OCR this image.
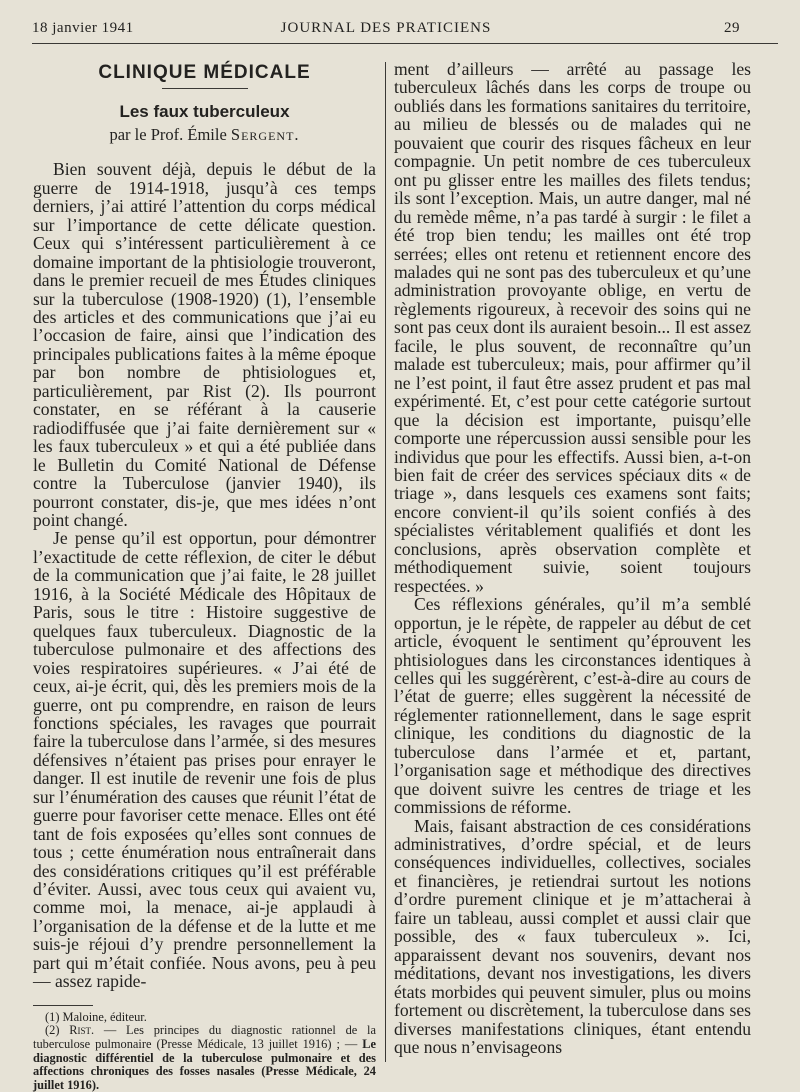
18 janvier 1941	JOURNAL DES PRATICIENS	29
CLINIQUE MÉDICALE
Les faux tuberculeux
par le Prof. Émile Sergent.

Bien souvent déjà, depuis le début de la guerre de 1914-1918, jusqu’à ces temps derniers, j’ai attiré l’attention du corps médical sur l’importance de cette délicate question. Ceux qui s’intéressent particulièrement à ce domaine important de la phtisiologie trouveront, dans le premier recueil de mes Études cliniques sur la tuberculose (1908-1920) (1), l’ensemble des articles et des communications que j’ai eu l’occasion de faire, ainsi que l’indication des principales publications faites à la même époque par bon nombre de phtisiologues et, particulièrement, par Rist (2). Ils pourront constater, en se référant à la causerie radiodiffusée que j’ai faite dernièrement sur « les faux tuberculeux » et qui a été publiée dans le Bulletin du Comité National de Défense contre la Tuberculose (janvier 1940), ils pourront constater, dis-je, que mes idées n’ont point changé.

Je pense qu’il est opportun, pour démontrer l’exactitude de cette réflexion, de citer le début de la communication que j’ai faite, le 28 juillet 1916, à la Société Médicale des Hôpitaux de Paris, sous le titre : Histoire suggestive de quelques faux tuberculeux. Diagnostic de la tuberculose pulmonaire et des affections des voies respiratoires supérieures. « J’ai été de ceux, ai-je écrit, qui, dès les premiers mois de la guerre, ont pu comprendre, en raison de leurs fonctions spéciales, les ravages que pourrait faire la tuberculose dans l’armée, si des mesures défensives n’étaient pas prises pour enrayer le danger. Il est inutile de revenir une fois de plus sur l’énumération des causes que réunit l’état de guerre pour favoriser cette menace. Elles ont été tant de fois exposées qu’elles sont connues de tous ; cette énumération nous entraînerait dans des considérations critiques qu’il est préférable d’éviter. Aussi, avec tous ceux qui avaient vu, comme moi, la menace, ai-je applaudi à l’organisation de la défense et de la lutte et me suis-je réjoui d’y prendre personnellement la part qui m’était confiée. Nous avons, peu à peu — assez rapide-

(1) Maloine, éditeur.

(2) Rist. — Les principes du diagnostic rationnel de la tuberculose pulmonaire (Presse Médicale, 13 juillet 1916) ; — Le diagnostic différentiel de la tuberculose pulmonaire et des affections chroniques des fosses nasales (Presse Médicale, 24 juillet 1916).

ment d’ailleurs — arrêté au passage les tuberculeux lâchés dans les corps de troupe ou oubliés dans les formations sanitaires du territoire, au milieu de blessés ou de malades qui ne pouvaient que courir des risques fâcheux en leur compagnie. Un petit nombre de ces tuberculeux ont pu glisser entre les mailles des filets tendus; ils sont l’exception. Mais, un autre danger, mal né du remède même, n’a pas tardé à surgir : le filet a été trop bien tendu; les mailles ont été trop serrées; elles ont retenu et retiennent encore des malades qui ne sont pas des tuberculeux et qu’une administration provoyante oblige, en vertu de règlements rigoureux, à recevoir des soins qui ne sont pas ceux dont ils auraient besoin... Il est assez facile, le plus souvent, de reconnaître qu’un malade est tuberculeux; mais, pour affirmer qu’il ne l’est point, il faut être assez prudent et pas mal expérimenté. Et, c’est pour cette catégorie surtout que la décision est importante, puisqu’elle comporte une répercussion aussi sensible pour les individus que pour les effectifs. Aussi bien, a-t-on bien fait de créer des services spéciaux dits « de triage », dans lesquels ces examens sont faits; encore convient-il qu’ils soient confiés à des spécialistes véritablement qualifiés et dont les conclusions, après observation complète et méthodiquement suivie, soient toujours respectées. »

Ces réflexions générales, qu’il m’a semblé opportun, je le répète, de rappeler au début de cet article, évoquent le sentiment qu’éprouvent les phtisiologues dans les circonstances identiques à celles qui les suggérèrent, c’est-à-dire au cours de l’état de guerre; elles suggèrent la nécessité de réglementer rationnellement, dans le sage esprit clinique, les conditions du diagnostic de la tuberculose dans l’armée et et, partant, l’organisation sage et méthodique des directives que doivent suivre les centres de triage et les commissions de réforme.

Mais, faisant abstraction de ces considérations administratives, d’ordre spécial, et de leurs conséquences individuelles, collectives, sociales et financières, je retiendrai surtout les notions d’ordre purement clinique et je m’attacherai à faire un tableau, aussi complet et aussi clair que possible, des « faux tuberculeux ». Ici, apparaissent devant nos souvenirs, devant nos méditations, devant nos investigations, les divers états morbides qui peuvent simuler, plus ou moins fortement ou discrètement, la tuberculose dans ses diverses manifestations cliniques, étant entendu que nous n’envisageons
